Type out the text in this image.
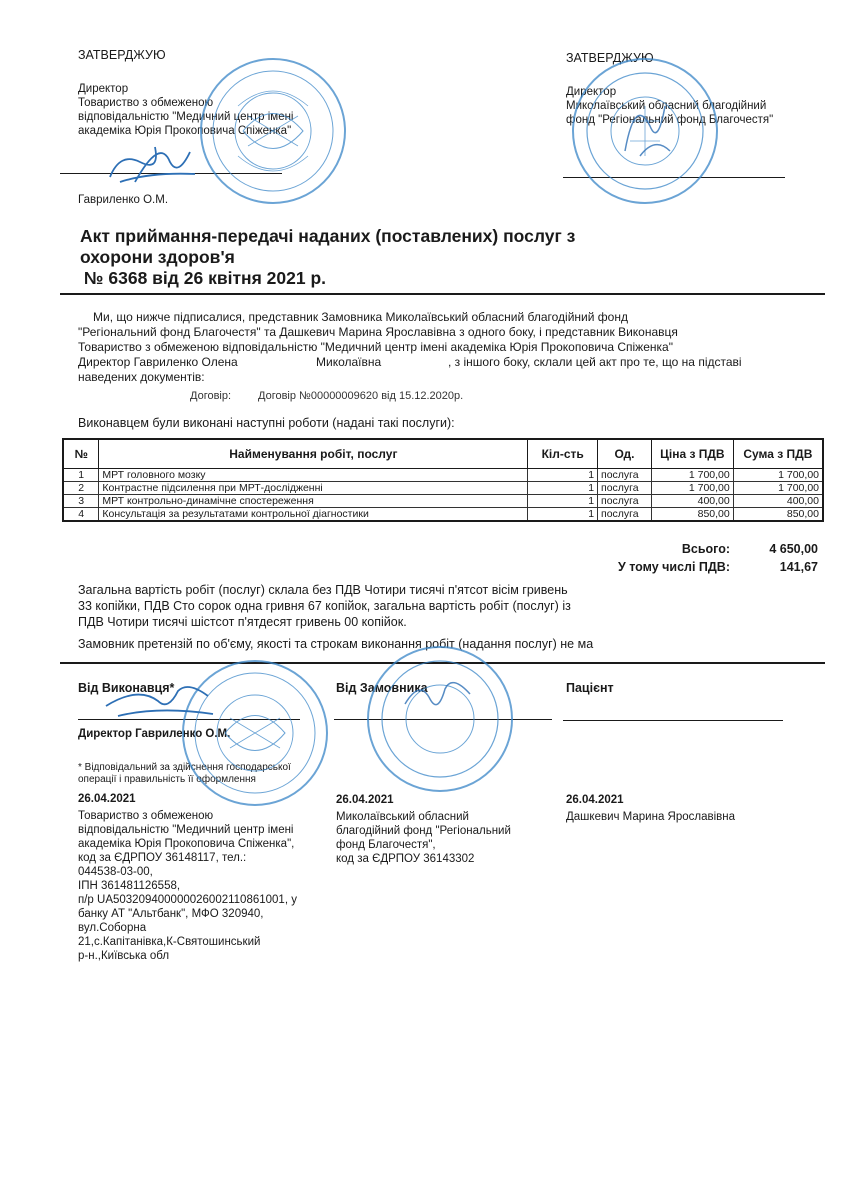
ЗАТВЕРДЖУЮ
Директор
Товариство з обмеженою
відповідальністю "Медичний центр імені
академіка Юрія Прокоповича Спіженка"
Гавриленко О.М.
ЗАТВЕРДЖУЮ
Директор
Миколаївський обласний благодійний
фонд "Регіональний фонд Благочестя"
Акт приймання-передачі наданих (поставлених) послуг з
охорони здоров'я
№ 6368 від 26 квітня 2021 р.
Ми, що нижче підписалися, представник Замовника Миколаївський обласний благодійний фонд
"Регіональний фонд Благочестя" та Дашкевич Марина Ярославівна з одного боку, і представник Виконавця
Товариство з обмеженою відповідальністю "Медичний центр імені академіка Юрія Прокоповича Спіженка"
Директор Гавриленко Олена	Миколаївна	, з іншого боку, склали цей акт про те, що на підставі
наведених документів:
Договір: Договір №00000009620 від 15.12.2020р.
Виконавцем були виконані наступні роботи (надані такі послуги):
№	Найменування робіт, послуг	Кіл-сть	Од.	Ціна з ПДВ	Сума з ПДВ
1	МРТ головного мозку	1	послуга	1 700,00	1 700,00
2	Контрастне підсилення при МРТ-дослідженні	1	послуга	1 700,00	1 700,00
3	МРТ контрольно-динамічне спостереження	1	послуга	400,00	400,00
4	Консультація за результатами контрольної діагностики	1	послуга	850,00	850,00
Всього:	4 650,00
У тому числі ПДВ:	141,67
Загальна вартість робіт (послуг) склала без ПДВ Чотири тисячі п'ятсот вісім гривень
33 копійки, ПДВ Сто сорок одна гривня 67 копійок, загальна вартість робіт (послуг) із
ПДВ Чотири тисячі шістсот п'ятдесят гривень 00 копійок.
Замовник претензій по об'єму, якості та строкам виконання робіт (надання послуг) не ма
Від Виконавця*	Від Замовника	Пацієнт
Директор Гавриленко О.М.
* Відповідальний за здійснення господарської
операції і правильність її оформлення
26.04.2021
Товариство з обмеженою
відповідальністю "Медичний центр імені
академіка Юрія Прокоповича Спіженка",
код за ЄДРПОУ 36148117, тел.:
044538-03-00,
ІПН 361481126558,
п/р UA503209400000026002110861001, у
банку АТ "Альтбанк", МФО 320940,
вул.Соборна
21,с.Капітанівка,К-Святошинський
р-н.,Київська обл
26.04.2021
Миколаївський обласний
благодійний фонд "Регіональний
фонд Благочестя",
код за ЄДРПОУ 36143302
26.04.2021
Дашкевич Марина Ярославівна
